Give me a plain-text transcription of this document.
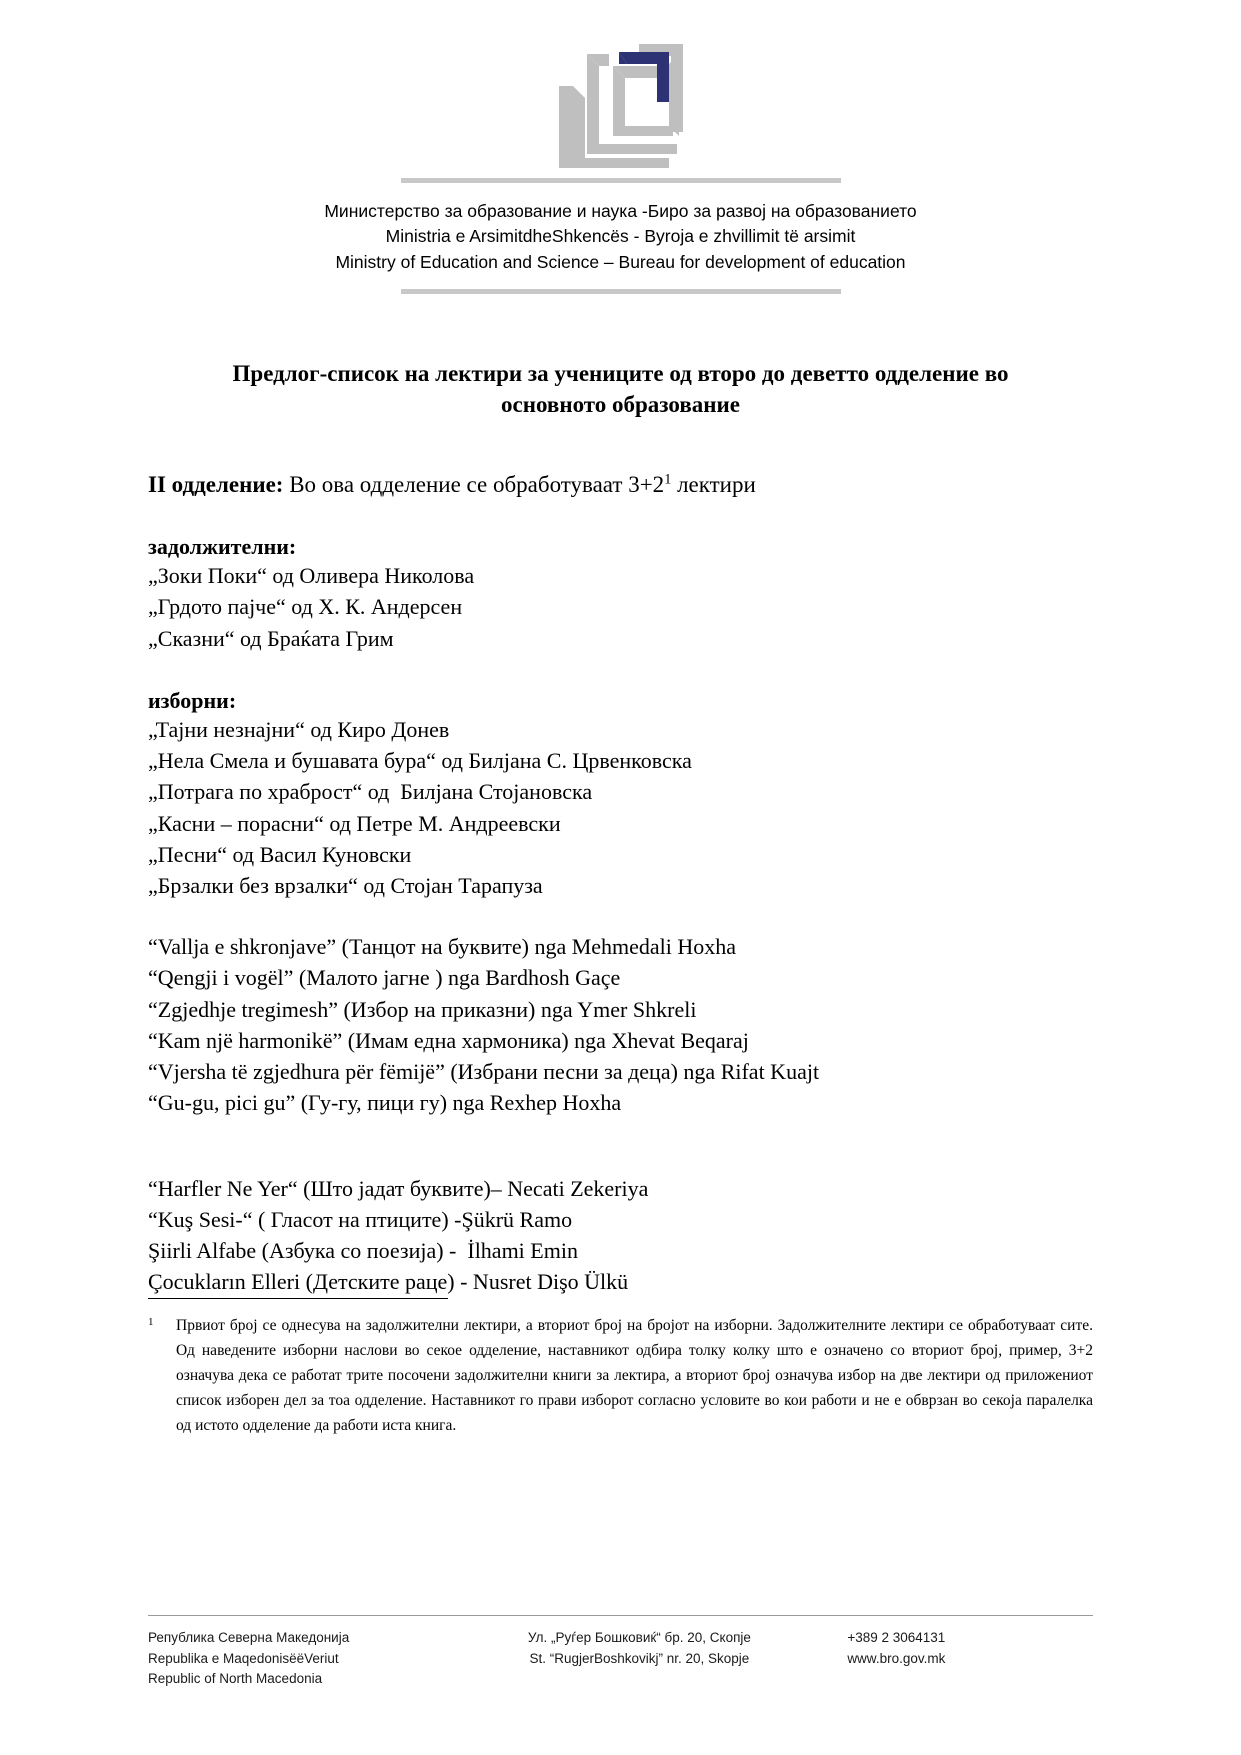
Министерство за образование и наука -Биро за развој на образованието
Ministria e ArsimitdheShkencës - Byroja e zhvillimit të arsimit
Ministry of Education and Science – Bureau for development of education
Предлог-список на лектири за учениците од второ до деветто одделение во основното образование
II одделение: Во ова одделение се обработуваат $3+2^1$ лектири
задолжителни:
„Зоки Поки“ од Оливера Николова
„Грдото пајче“ од Х. К. Андерсен
„Сказни“ од Браќата Грим
изборни:
„Тајни незнајни“ од Киро Донев
„Нела Смела и бушавата бура“ од Билјана С. Црвенковска
„Потрага по храброст“ од  Билјана Стојановска
„Касни – порасни“ од Петре М. Андреевски
„Песни“ од Васил Куновски
„Брзалки без врзалки“ од Стојан Тарапуза
“Vallja e shkronjave” (Танцот на буквите) nga Mehmedali Hoxha
“Qengji i vogël” (Малото јагне ) nga Bardhosh Gaçe
“Zgjedhje tregimesh” (Избор на приказни) nga Ymer Shkreli
“Kam një harmonikë” (Имам една хармоника) nga Xhevat Beqaraj
“Vjersha të zgjedhura për fëmijë” (Избрани песни за деца) nga Rifat Kuajt
“Gu-gu, pici gu” (Гу-гу, пици гу) nga Rexhep Hoxha
“Harfler Ne Yer“ (Што јадат буквите)– Necati Zekeriya
“Kuş Sesi-“ ( Гласот на птиците) -Şükrü Ramo
Şiirli Alfabe (Азбука со поезија) -  İlhami Emin
Çocukların Elleri (Детските раце) - Nusret Dişo Ülkü
1	Првиот број се однесува на задолжителни лектири, а вториот број на бројот на изборни. Задолжителните лектири се обработуваат сите. Од наведените изборни наслови во секое одделение, наставникот одбира толку колку што е означено со вториот број, пример, 3+2 означува дека се работат трите посочени задолжителни книги за лектира, а вториот број означува избор на две лектири од приложениот список изборен дел за тоа одделение. Наставникот го прави изборот согласно условите во кои работи и не е обврзан во секоја паралелка од истото одделение да работи иста книга.
Република Северна Македонија
Republika e MaqedonisëёVeriut
Republic of North Macedonia
Ул. „Руѓер Бошковиќ“ бр. 20, Скопје
St. “RugjerBoshkovikj” nr. 20, Skopje
+389 2 3064131
www.bro.gov.mk
